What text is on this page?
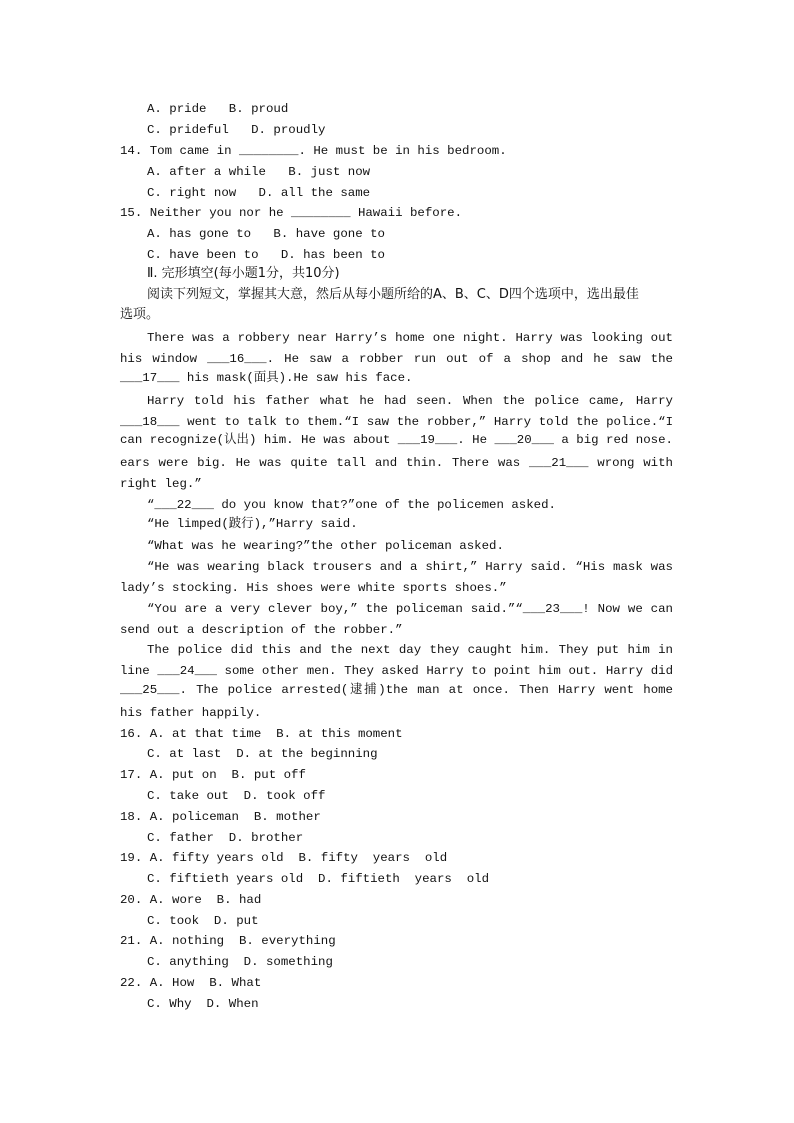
A. pride   B. proud
C. prideful   D. proudly
14. Tom came in ________. He must be in his bedroom.
A. after a while   B. just now
C. right now   D. all the same
15. Neither you nor he ________ Hawaii before.
A. has gone to   B. have gone to
C. have been to   D. has been to
Ⅱ. 完形填空(每小题1分，共10分)
阅读下列短文，掌握其大意，然后从每小题所给的A、B、C、D四个选项中，选出最佳
选项。
There was a robbery near Harry’s home one night. Harry was looking out
his window ___16___. He saw a robber run out of a shop and he saw the
___17___ his mask(面具).He saw his face.
Harry told his father what he had seen. When the police came, Harry
___18___ went to talk to them.“I saw the robber,” Harry told the police.“I
can recognize(认出) him. He was about ___19___. He ___20___ a big red nose.
ears were big. He was quite tall and thin. There was ___21___ wrong with
right leg.”
“___22___ do you know that?”one of the policemen asked.
“He limped(跛行),”Harry said.
“What was he wearing?”the other policeman asked.
“He was wearing black trousers and a shirt,” Harry said. “His mask was
lady’s stocking. His shoes were white sports shoes.”
“You are a very clever boy,” the policeman said.”“___23___! Now we can
send out a description of the robber.”
The police did this and the next day they caught him. They put him in
line ___24___ some other men. They asked Harry to point him out. Harry did
___25___. The police arrested(逮捕)the man at once. Then Harry went home
his father happily.
16. A. at that time  B. at this moment
C. at last  D. at the beginning
17. A. put on  B. put off
C. take out  D. took off
18. A. policeman  B. mother
C. father  D. brother
19. A. fifty years old  B. fifty  years  old
C. fiftieth years old  D. fiftieth  years  old
20. A. wore  B. had
C. took  D. put
21. A. nothing  B. everything
C. anything  D. something
22. A. How  B. What
C. Why  D. When
